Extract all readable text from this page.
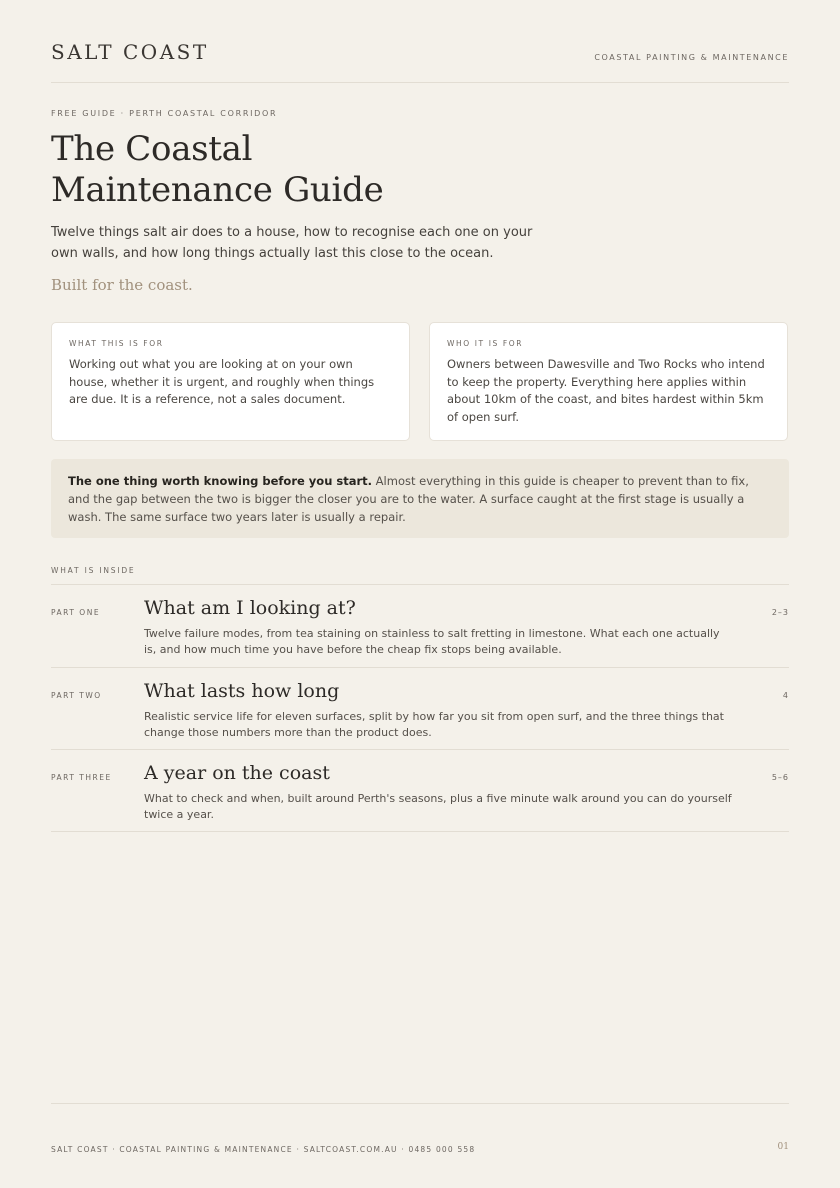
SALT COAST	COASTAL PAINTING & MAINTENANCE
FREE GUIDE · PERTH COASTAL CORRIDOR
The Coastal
Maintenance Guide

Twelve things salt air does to a house, how to recognise each one on your own walls, and how long things actually last this close to the ocean.

Built for the coast.
WHAT THIS IS FOR
Working out what you are looking at on your own house, whether it is urgent, and roughly when things are due. It is a reference, not a sales document.
WHO IT IS FOR
Owners between Dawesville and Two Rocks who intend to keep the property. Everything here applies within about 10km of the coast, and bites hardest within 5km of open surf.
The one thing worth knowing before you start. Almost everything in this guide is cheaper to prevent than to fix, and the gap between the two is bigger the closer you are to the water. A surface caught at the first stage is usually a wash. The same surface two years later is usually a repair.
WHAT IS INSIDE
PART ONE What am I looking at?
Twelve failure modes, from tea staining on stainless to salt fretting in limestone. What each one actually is, and how much time you have before the cheap fix stops being available.
2–3
PART TWO What lasts how long
Realistic service life for eleven surfaces, split by how far you sit from open surf, and the three things that change those numbers more than the product does.
4
PART THREE A year on the coast
What to check and when, built around Perth's seasons, plus a five minute walk around you can do yourself twice a year.
5–6
SALT COAST · COASTAL PAINTING & MAINTENANCE · SALTCOAST.COM.AU · 0485 000 558	01
